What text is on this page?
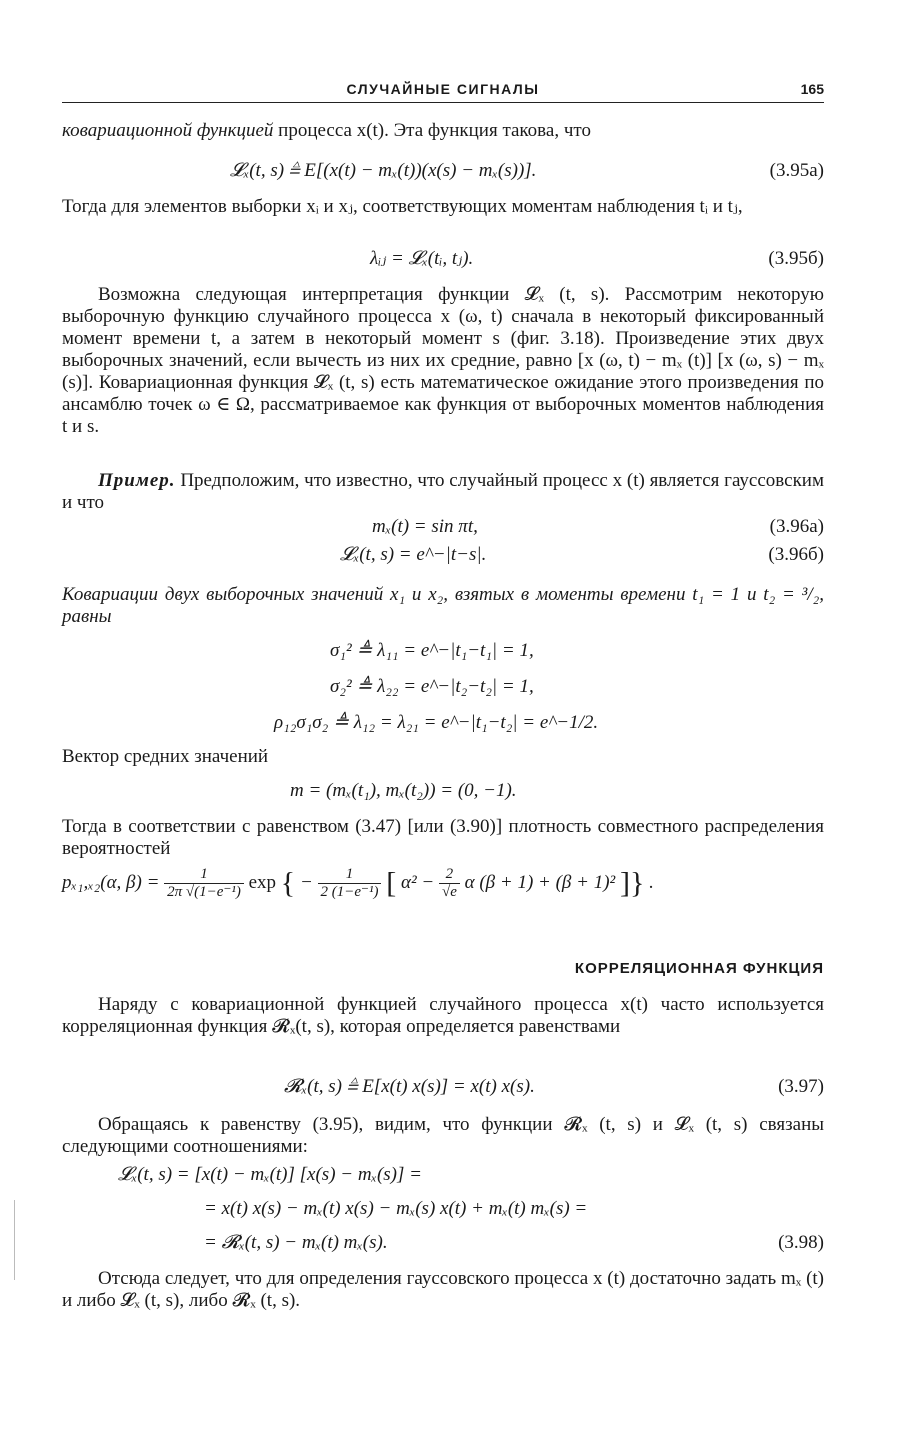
СЛУЧАЙНЫЕ СИГНАЛЫ	165
ковариационной функцией процесса x(t). Эта функция такова, что
𝓛ₓ(t, s) ≜ E[(x(t) − mₓ(t))(x(s) − mₓ(s))].	(3.95а)
Тогда для элементов выборки xᵢ и xⱼ, соответствующих моментам наблюдения tᵢ и tⱼ,
λᵢⱼ = 𝓛ₓ(tᵢ, tⱼ).	(3.95б)
Возможна следующая интерпретация функции 𝓛ₓ (t, s). Рассмотрим некоторую выборочную функцию случайного процесса x (ω, t) сначала в некоторый фиксированный момент времени t, а затем в некоторый момент s (фиг. 3.18). Произведение этих двух выборочных значений, если вычесть из них их средние, равно [x (ω, t) − mₓ (t)] [x (ω, s) − mₓ (s)]. Ковариационная функция 𝓛ₓ (t, s) есть математическое ожидание этого произведения по ансамблю точек ω ∈ Ω, рассматриваемое как функция от выборочных моментов наблюдения t и s.
Пример. Предположим, что известно, что случайный процесс x (t) является гауссовским и что
mₓ(t) = sin πt,	(3.96а)
𝓛ₓ(t, s) = e^−|t−s|.	(3.96б)
Ковариации двух выборочных значений x₁ и x₂, взятых в моменты времени t₁ = 1 и t₂ = ³/₂, равны
σ₁² ≜ λ₁₁ = e^−|t₁−t₁| = 1,
σ₂² ≜ λ₂₂ = e^−|t₂−t₂| = 1,
ρ₁₂σ₁σ₂ ≜ λ₁₂ = λ₂₁ = e^−|t₁−t₂| = e^−1/2.
Вектор средних значений
m = (mₓ(t₁), mₓ(t₂)) = (0, −1).
Тогда в соответствии с равенством (3.47) [или (3.90)] плотность совместного распределения вероятностей
pₓ₁,ₓ₂(α, $\beta) = \frac{1}{\text{2π √(1−e⁻¹)}}$ exp { − $\frac{1}{\text{2 (1−e⁻¹)}}$ [ $\alpha^2 - \frac{2}{√e}$ α (β + 1) + (β + 1)² ]} .
КОРРЕЛЯЦИОННАЯ ФУНКЦИЯ
Наряду с ковариационной функцией случайного процесса x(t) часто используется корреляционная функция 𝓡ₓ(t, s), которая определяется равенствами
𝓡ₓ(t, s) ≜ E[x(t) x(s)] = x(t) x(s).	(3.97)
Обращаясь к равенству (3.95), видим, что функции 𝓡ₓ (t, s) и 𝓛ₓ (t, s) связаны следующими соотношениями:
𝓛ₓ(t, s) = [x(t) − mₓ(t)] [x(s) − mₓ(s)] =
= x(t) x(s) − mₓ(t) x(s) − mₓ(s) x(t) + mₓ(t) mₓ(s) =
= 𝓡ₓ(t, s) − mₓ(t) mₓ(s).	(3.98)
Отсюда следует, что для определения гауссовского процесса x (t) достаточно задать mₓ (t) и либо 𝓛ₓ (t, s), либо 𝓡ₓ (t, s).
